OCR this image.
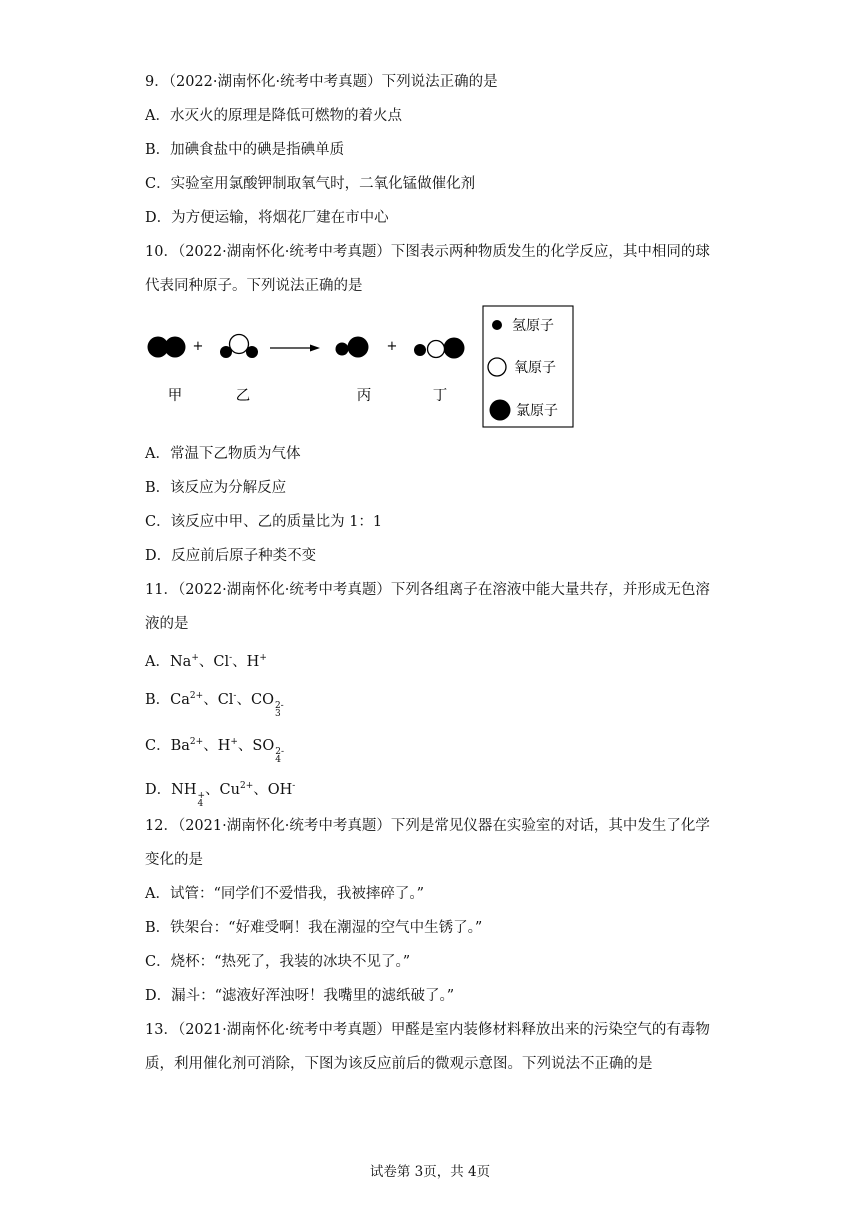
9．（2022·湖南怀化·统考中考真题）下列说法正确的是
A．水灭火的原理是降低可燃物的着火点
B．加碘食盐中的碘是指碘单质
C．实验室用氯酸钾制取氧气时，二氧化锰做催化剂
D．为方便运输，将烟花厂建在市中心
10．（2022·湖南怀化·统考中考真题）下图表示两种物质发生的化学反应，其中相同的球
代表同种原子。下列说法正确的是
+	+
甲	乙	丙	丁
氢原子
氧原子
氯原子
A．常温下乙物质为气体
B．该反应为分解反应
C．该反应中甲、乙的质量比为 1：1
D．反应前后原子种类不变
11．（2022·湖南怀化·统考中考真题）下列各组离子在溶液中能大量共存，并形成无色溶
液的是
A．Na+、Cl-、H+
B．$Ca^{2+}$、Cl-、CO 2-
3
C．$Ba^{2+}$、H+、SO 2-
4
D．NH +
4
、$Cu^{2+}$、OH-
12．（2021·湖南怀化·统考中考真题）下列是常见仪器在实验室的对话，其中发生了化学
变化的是
A．试管：“同学们不爱惜我，我被摔碎了。”
B．铁架台：“好难受啊！我在潮湿的空气中生锈了。”
C．烧杯：“热死了，我装的冰块不见了。”
D．漏斗：“滤液好浑浊呀！我嘴里的滤纸破了。”
13．（2021·湖南怀化·统考中考真题）甲醛是室内装修材料释放出来的污染空气的有毒物
质，利用催化剂可消除，下图为该反应前后的微观示意图。下列说法不正确的是
试卷第 3页，共 4页
